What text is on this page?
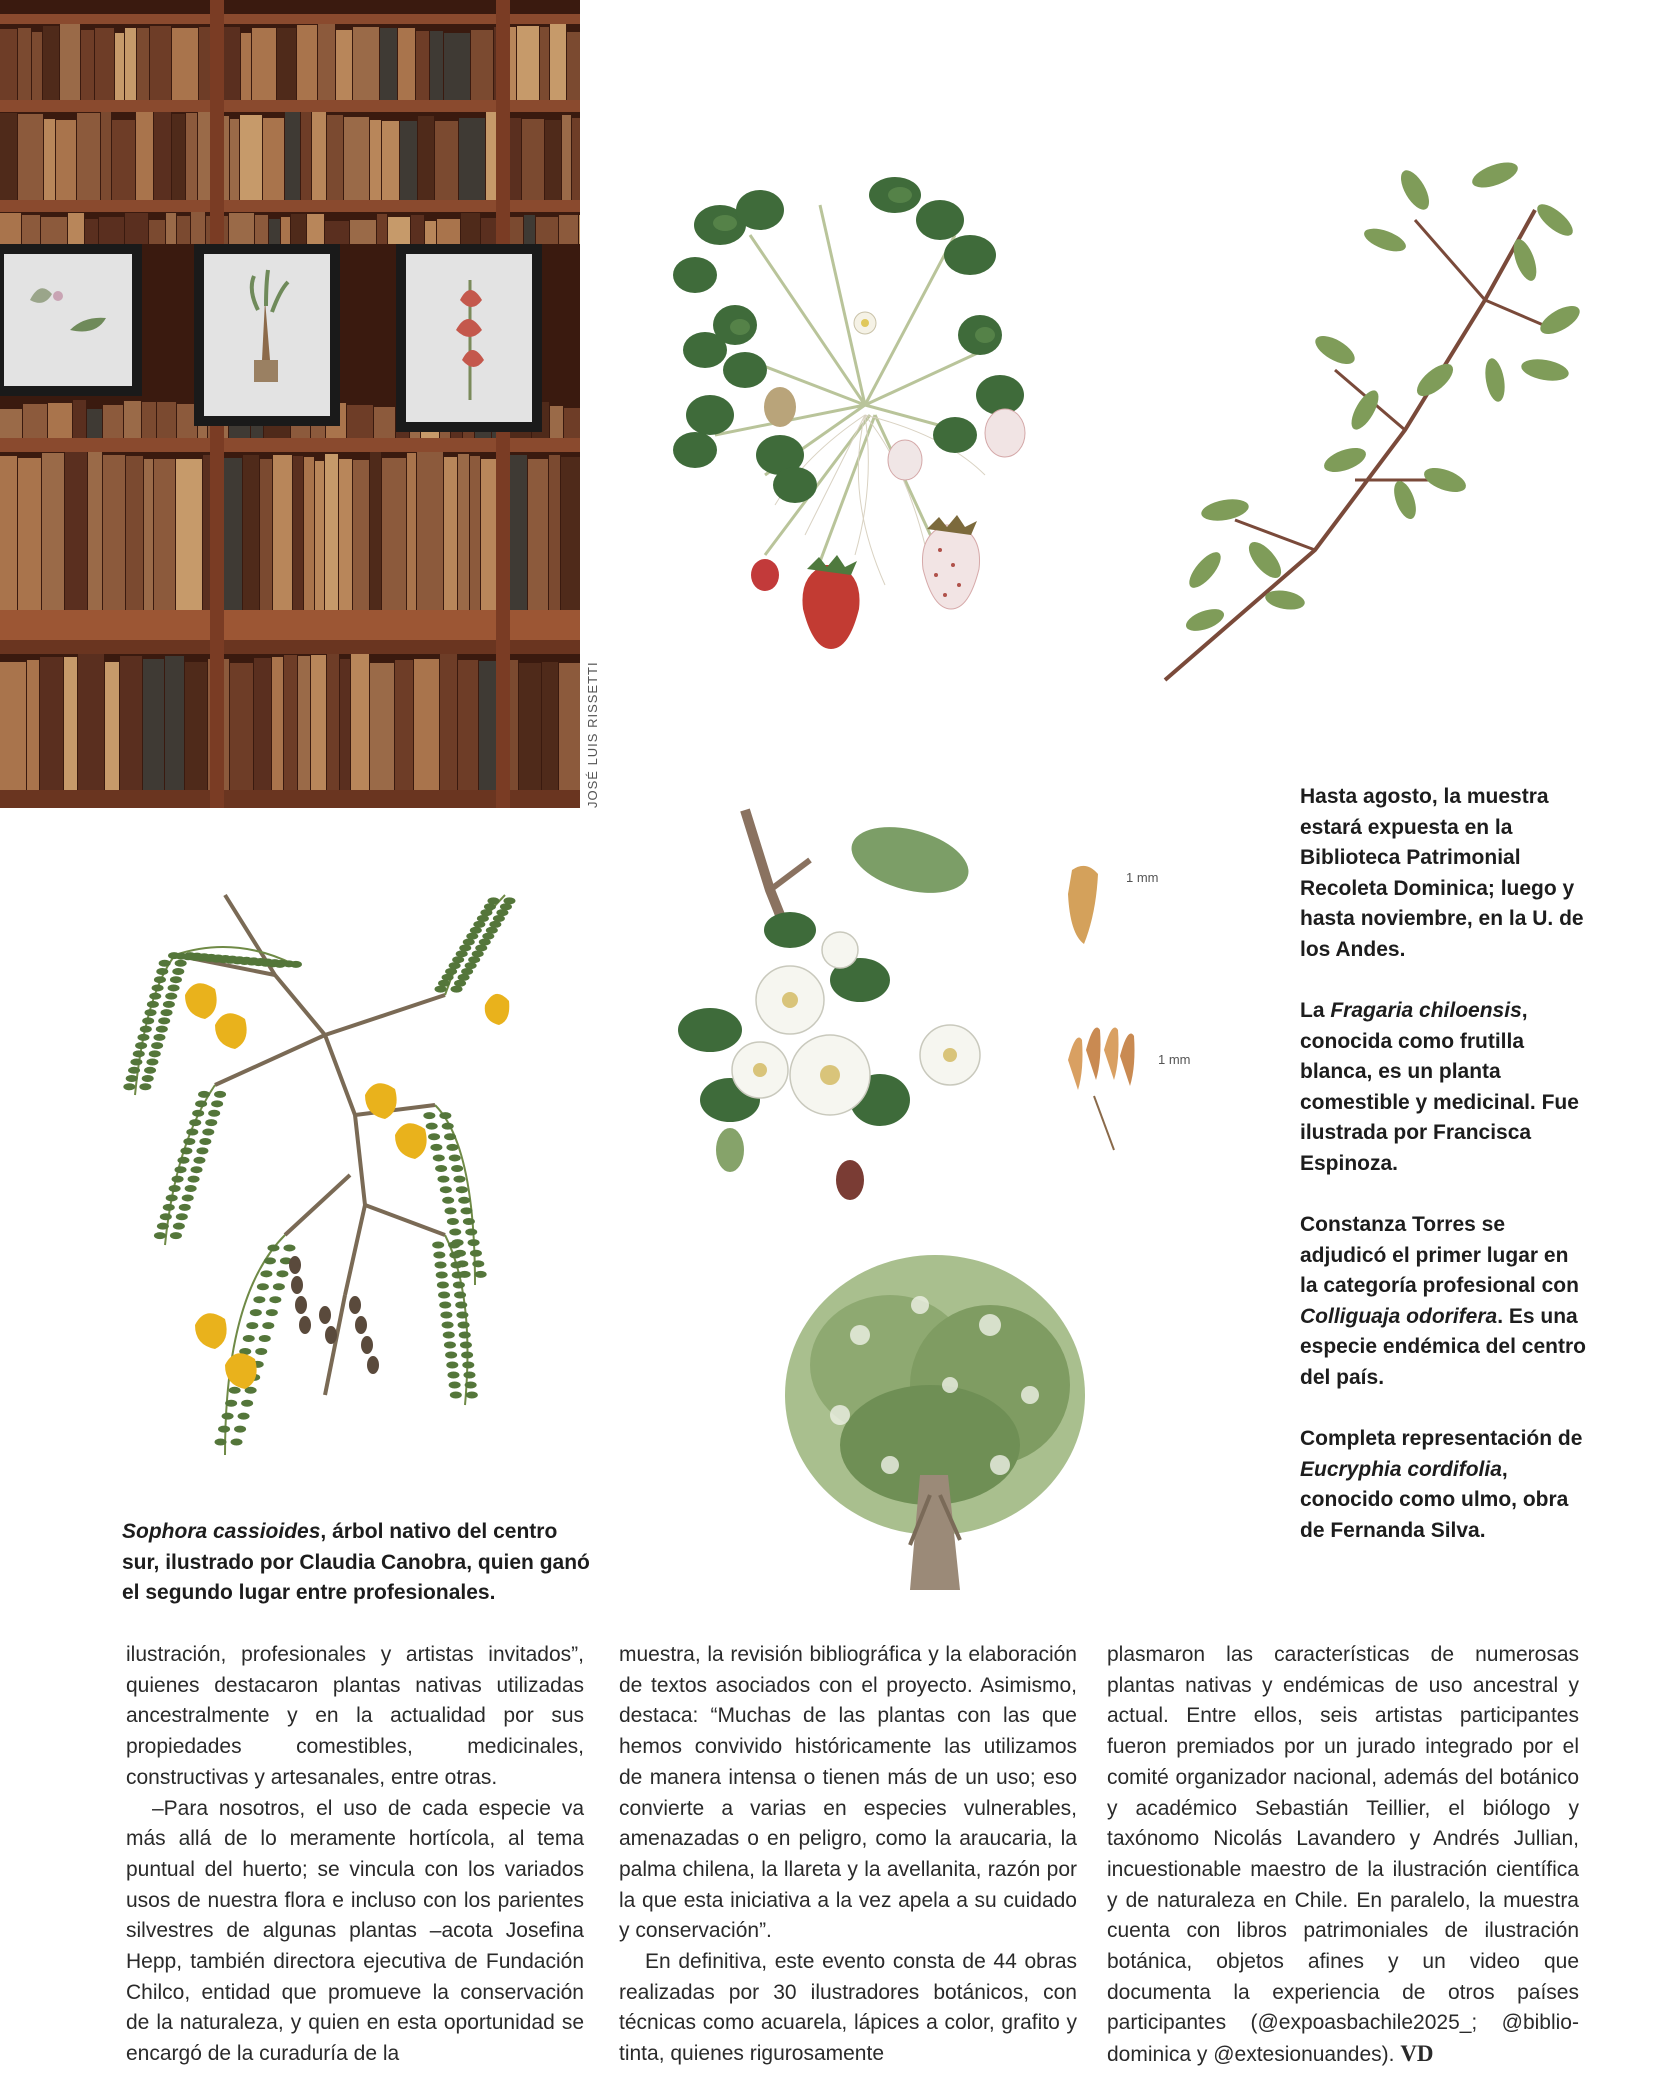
JOSÉ LUIS RISSETTI
1 mm
1 mm

Hasta agosto, la muestra estará expuesta en la Biblioteca Patrimonial Recoleta Dominica; luego y hasta noviembre, en la U. de los Andes.

La Fragaria chiloensis, conocida como frutilla blanca, es un planta comestible y medicinal. Fue ilustrada por Francisca Espinoza.

Constanza Torres se adjudicó el primer lugar en la categoría profesional con Colliguaja odorifera. Es una especie endémica del centro del país.

Completa representación de Eucryphia cordifolia, conocido como ulmo, obra de Fernanda Silva.

Sophora cassioides, árbol nativo del centro sur, ilustrado por Claudia Canobra, quien ganó el segundo lugar entre profesionales.

ilustración, profesionales y artistas invitados”, quienes destacaron plantas nativas utilizadas ancestralmente y en la actualidad por sus propiedades comestibles, medicinales, constructivas y artesanales, entre otras.

–Para nosotros, el uso de cada especie va más allá de lo meramente hortícola, al tema puntual del huerto; se vincula con los variados usos de nuestra flora e incluso con los parientes silvestres de algunas plantas –acota Josefina Hepp, también directora ejecutiva de Fundación Chilco, entidad que promueve la conservación de la naturaleza, y quien en esta oportunidad se encargó de la curaduría de la

muestra, la revisión bibliográfica y la elaboración de textos asociados con el proyecto. Asimismo, destaca: “Muchas de las plantas con las que hemos convivido históricamente las utilizamos de manera intensa o tienen más de un uso; eso convierte a varias en especies vulnerables, amenazadas o en peligro, como la araucaria, la palma chilena, la llareta y la avellanita, razón por la que esta iniciativa a la vez apela a su cuidado y conservación”.

En definitiva, este evento consta de 44 obras realizadas por 30 ilustradores botánicos, con técnicas como acuarela, lápices a color, grafito y tinta, quienes rigurosamente

plasmaron las características de numerosas plantas nativas y endémicas de uso ancestral y actual. Entre ellos, seis artistas participantes fueron premiados por un jurado integrado por el comité organizador nacional, además del botánico y académico Sebastián Teillier, el biólogo y taxónomo Nicolás Lavandero y Andrés Jullian, incuestionable maestro de la ilustración científica y de naturaleza en Chile. En paralelo, la muestra cuenta con libros patrimoniales de ilustración botánica, objetos afines y un video que documenta la experiencia de otros países participantes (@expoasbachile2025_; @bibliodominica y @extesionuandes). VD
